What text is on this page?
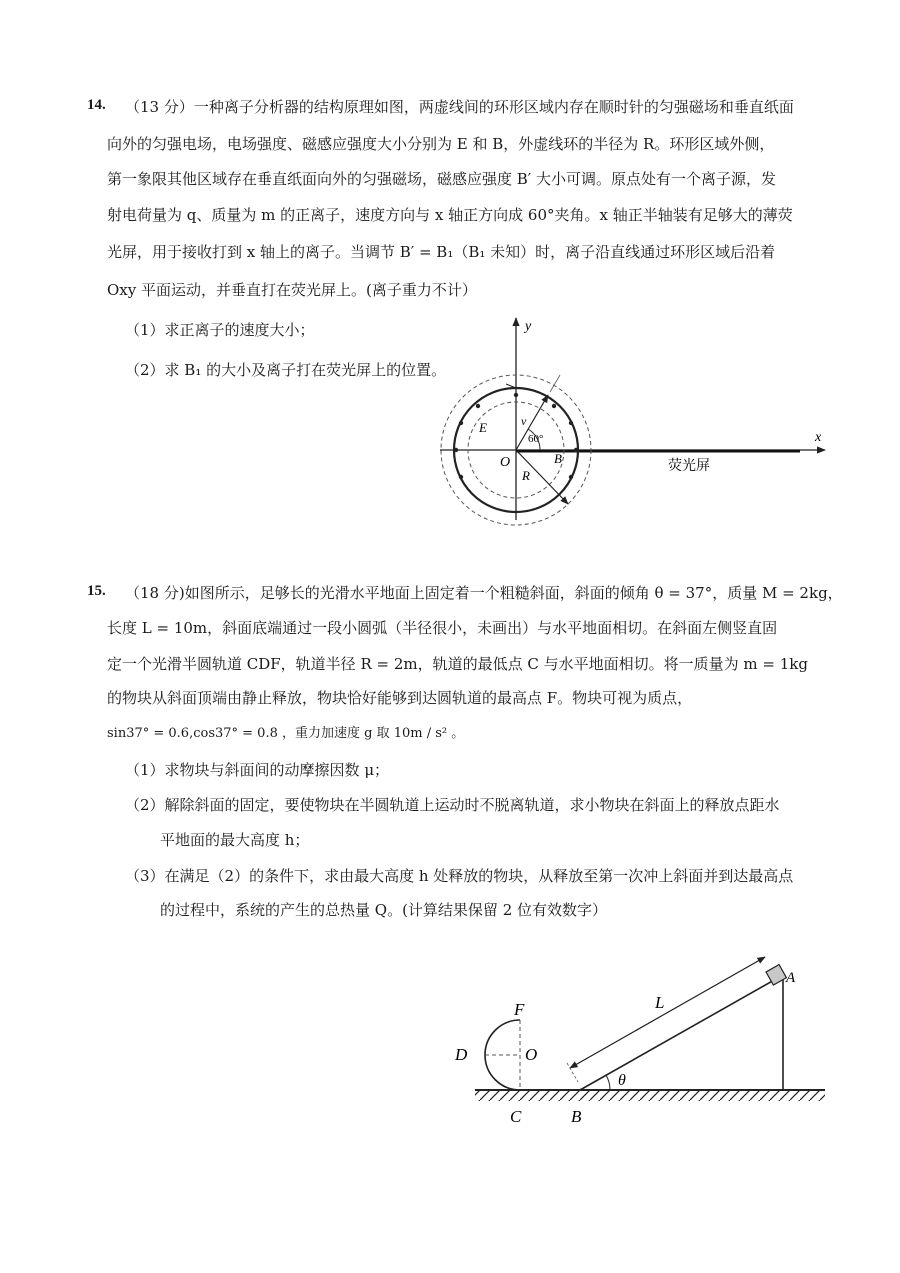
14. （13 分）一种离子分析器的结构原理如图，两虚线间的环形区域内存在顺时针的匀强磁场和垂直纸面
向外的匀强电场，电场强度、磁感应强度大小分别为 E 和 B，外虚线环的半径为 R。环形区域外侧，
第一象限其他区域存在垂直纸面向外的匀强磁场，磁感应强度 B′ 大小可调。原点处有一个离子源，发
射电荷量为 q、质量为 m 的正离子，速度方向与 x 轴正方向成 60°夹角。x 轴正半轴装有足够大的薄荧
光屏，用于接收打到 x 轴上的离子。当调节 B′ = B₁（B₁ 未知）时，离子沿直线通过环形区域后沿着
Oxy 平面运动，并垂直打在荧光屏上。(离子重力不计）
（1）求正离子的速度大小；
（2）求 B₁ 的大小及离子打在荧光屏上的位置。
y
x
O
E	v
60°
B
R
荧光屏
15. （18 分)如图所示，足够长的光滑水平地面上固定着一个粗糙斜面，斜面的倾角 θ = 37°，质量 M = 2kg，
长度 L = 10m，斜面底端通过一段小圆弧（半径很小，未画出）与水平地面相切。在斜面左侧竖直固
定一个光滑半圆轨道 CDF，轨道半径 R = 2m，轨道的最低点 C 与水平地面相切。将一质量为 m = 1kg
的物块从斜面顶端由静止释放，物块恰好能够到达圆轨道的最高点 F。物块可视为质点，
sin37° = 0.6,cos37° = 0.8 ，重力加速度 g 取 10m / s² 。
（1）求物块与斜面间的动摩擦因数 μ；
（2）解除斜面的固定，要使物块在半圆轨道上运动时不脱离轨道，求小物块在斜面上的释放点距水
平地面的最大高度 h；
（3）在满足（2）的条件下，求由最大高度 h 处释放的物块，从释放至第一次冲上斜面并到达最高点
的过程中，系统的产生的总热量 Q。(计算结果保留 2 位有效数字）
F	L
A
D	O
θ
C	B
